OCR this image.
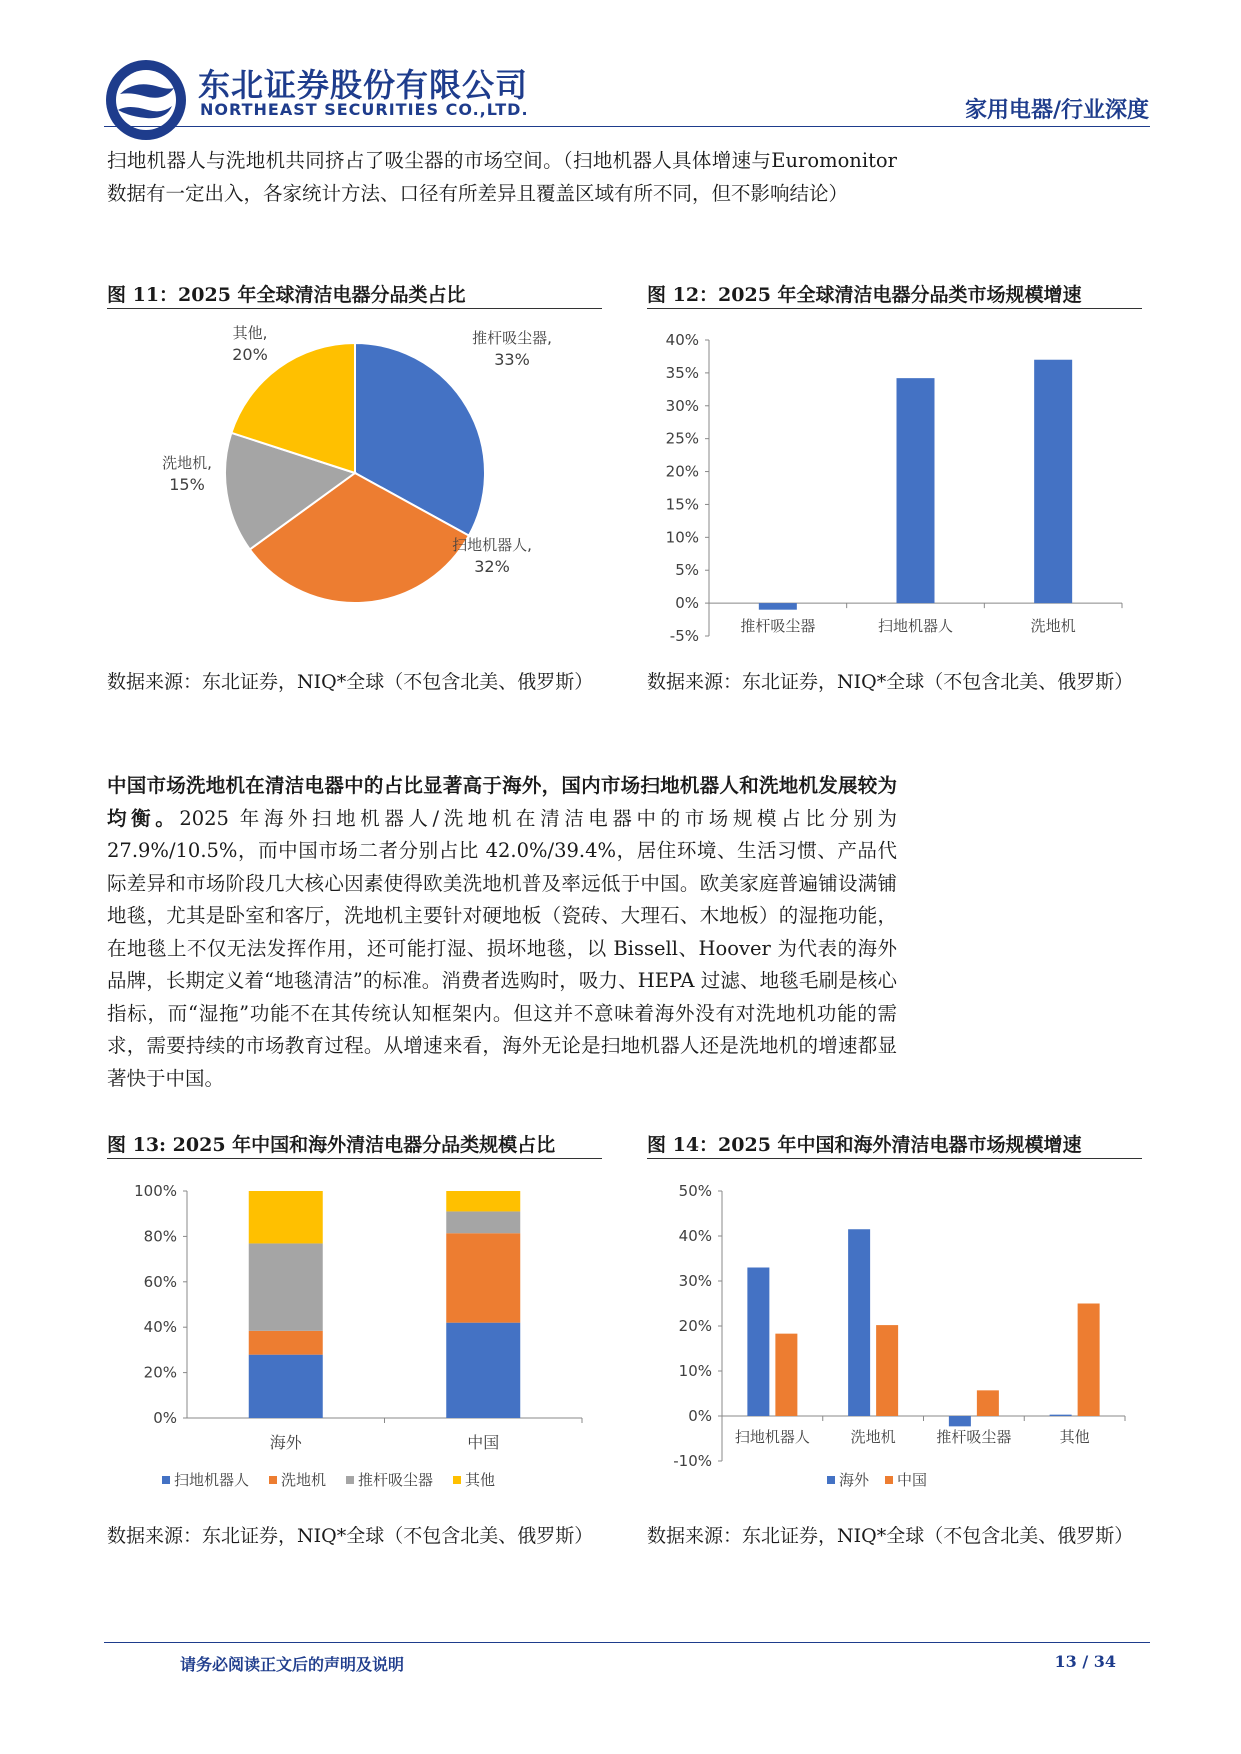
东北证券股份有限公司
NORTHEAST SECURITIES CO.,LTD.	家用电器/行业深度
扫地机器人与洗地机共同挤占了吸尘器的市场空间。（扫地机器人具体增速与Euromonitor 数据有一定出入，各家统计方法、口径有所差异且覆盖区域有所不同，但不影响结论）
图 11：2025 年全球清洁电器分品类占比
推杆吸尘器,
33%
扫地机器人,
32%
洗地机,
15%
其他,
20%
数据来源：东北证券，NIQ*全球（不包含北美、俄罗斯）
图 12：2025 年全球清洁电器分品类市场规模增速
-5%
0%
5%
10%
15%
20%
25%
30%
35%
40%
推杆吸尘器	扫地机器人	洗地机
数据来源：东北证券，NIQ*全球（不包含北美、俄罗斯）
中国市场洗地机在清洁电器中的占比显著高于海外，国内市场扫地机器人和洗地机发展较为均衡。2025 年海外扫地机器人/洗地机在清洁电器中的市场规模占比分别为 27.9%/10.5%，而中国市场二者分别占比 42.0%/39.4%，居住环境、生活习惯、产品代际差异和市场阶段几大核心因素使得欧美洗地机普及率远低于中国。欧美家庭普遍铺设满铺地毯，尤其是卧室和客厅，洗地机主要针对硬地板（瓷砖、大理石、木地板）的湿拖功能，在地毯上不仅无法发挥作用，还可能打湿、损坏地毯，以 Bissell、Hoover 为代表的海外品牌，长期定义着“地毯清洁”的标准。消费者选购时，吸力、HEPA 过滤、地毯毛刷是核心指标，而“湿拖”功能不在其传统认知框架内。但这并不意味着海外没有对洗地机功能的需求，需要持续的市场教育过程。从增速来看，海外无论是扫地机器人还是洗地机的增速都显著快于中国。
图 13: 2025 年中国和海外清洁电器分品类规模占比
0%
20%
40%
60%
80%
100%
海外	中国
扫地机器人 洗地机 推杆吸尘器 其他
数据来源：东北证券，NIQ*全球（不包含北美、俄罗斯）
图 14：2025 年中国和海外清洁电器市场规模增速
-10%
0%
10%
20%
30%
40%
50%
扫地机器人	洗地机	推杆吸尘器	其他
海外 中国
数据来源：东北证券，NIQ*全球（不包含北美、俄罗斯）
请务必阅读正文后的声明及说明	13 / 34
